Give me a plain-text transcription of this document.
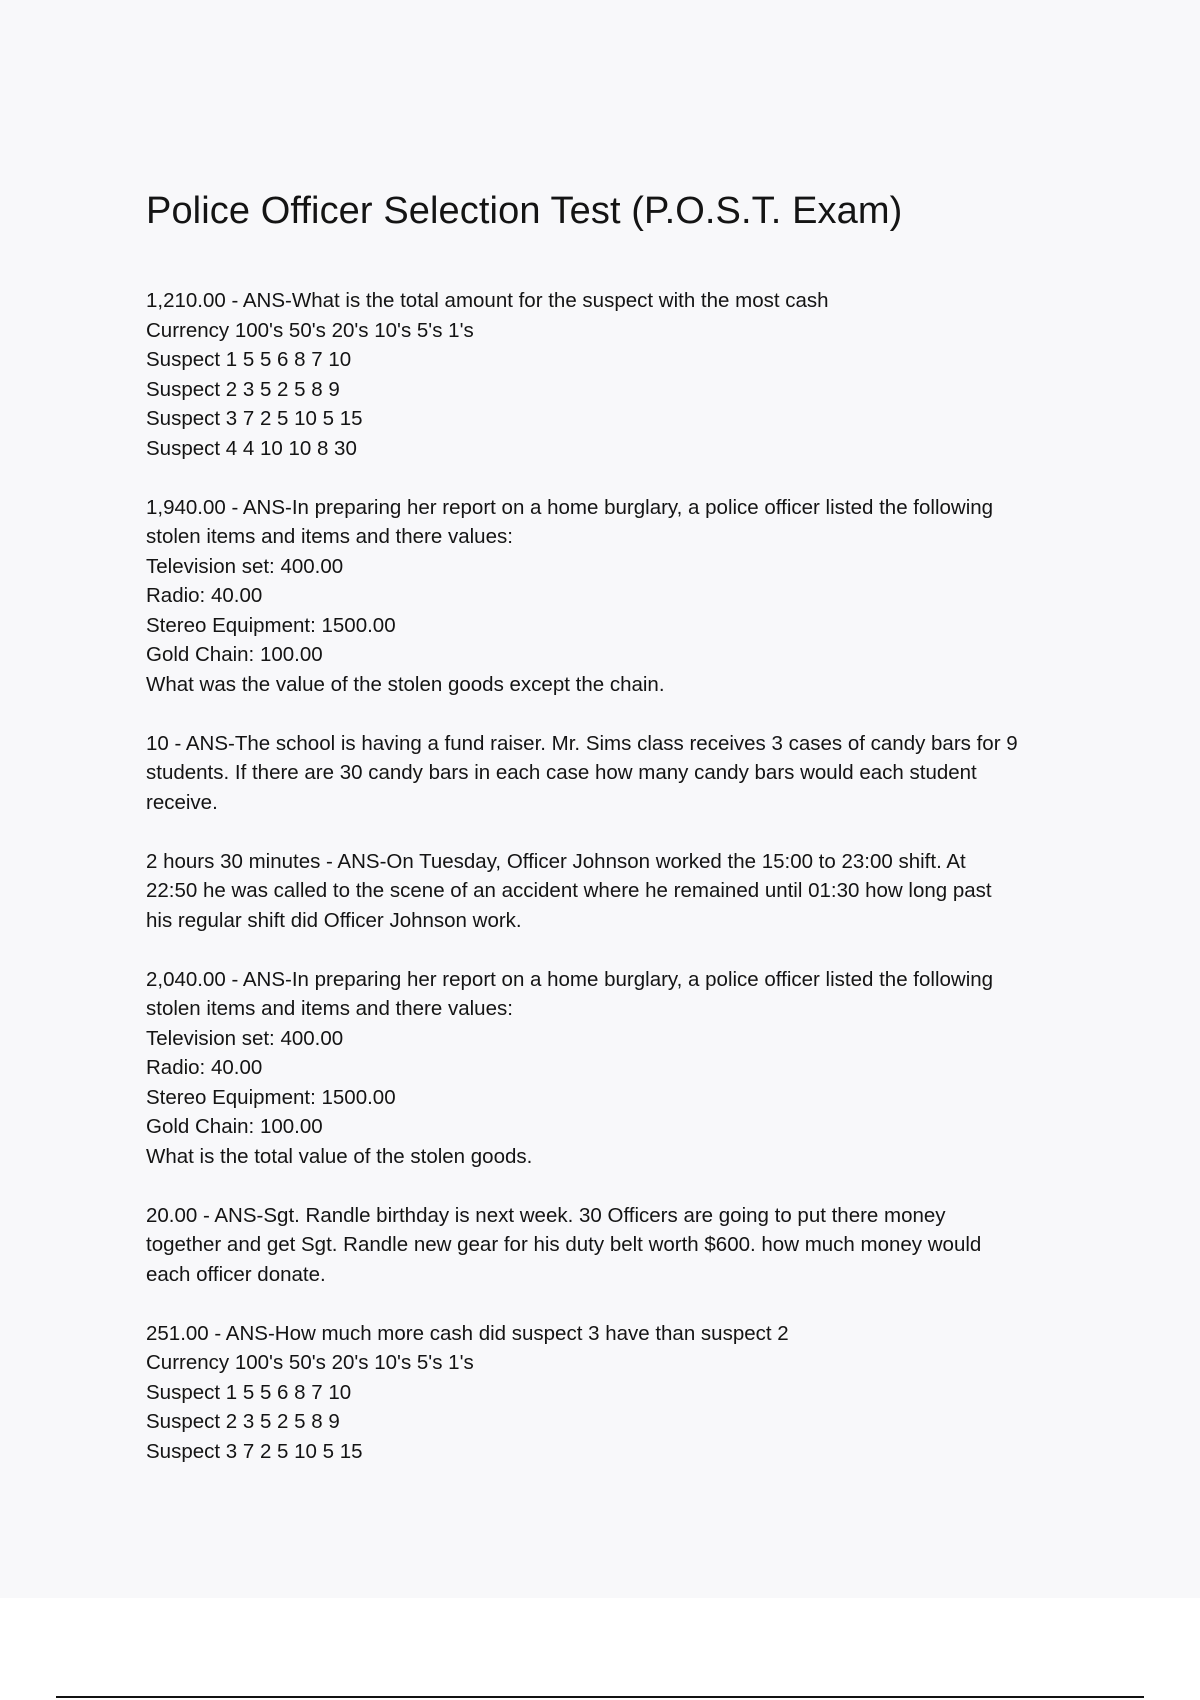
Police Officer Selection Test (P.O.S.T. Exam)

1,210.00 - ANS-What is the total amount for the suspect with the most cash

Currency 100's 50's 20's 10's 5's 1's

Suspect 1 5 5 6 8 7 10

Suspect 2 3 5 2 5 8 9

Suspect 3 7 2 5 10 5 15

Suspect 4 4 10 10 8 30

1,940.00 - ANS-In preparing her report on a home burglary, a police officer listed the following

stolen items and items and there values:

Television set: 400.00

Radio: 40.00

Stereo Equipment: 1500.00

Gold Chain: 100.00

What was the value of the stolen goods except the chain.

10 - ANS-The school is having a fund raiser. Mr. Sims class receives 3 cases of candy bars for 9

students. If there are 30 candy bars in each case how many candy bars would each student

receive.

2 hours 30 minutes - ANS-On Tuesday, Officer Johnson worked the 15:00 to 23:00 shift. At

22:50 he was called to the scene of an accident where he remained until 01:30 how long past

his regular shift did Officer Johnson work.

2,040.00 - ANS-In preparing her report on a home burglary, a police officer listed the following

stolen items and items and there values:

Television set: 400.00

Radio: 40.00

Stereo Equipment: 1500.00

Gold Chain: 100.00

What is the total value of the stolen goods.

20.00 - ANS-Sgt. Randle birthday is next week. 30 Officers are going to put there money

together and get Sgt. Randle new gear for his duty belt worth $600. how much money would

each officer donate.

251.00 - ANS-How much more cash did suspect 3 have than suspect 2

Currency 100's 50's 20's 10's 5's 1's

Suspect 1 5 5 6 8 7 10

Suspect 2 3 5 2 5 8 9

Suspect 3 7 2 5 10 5 15
